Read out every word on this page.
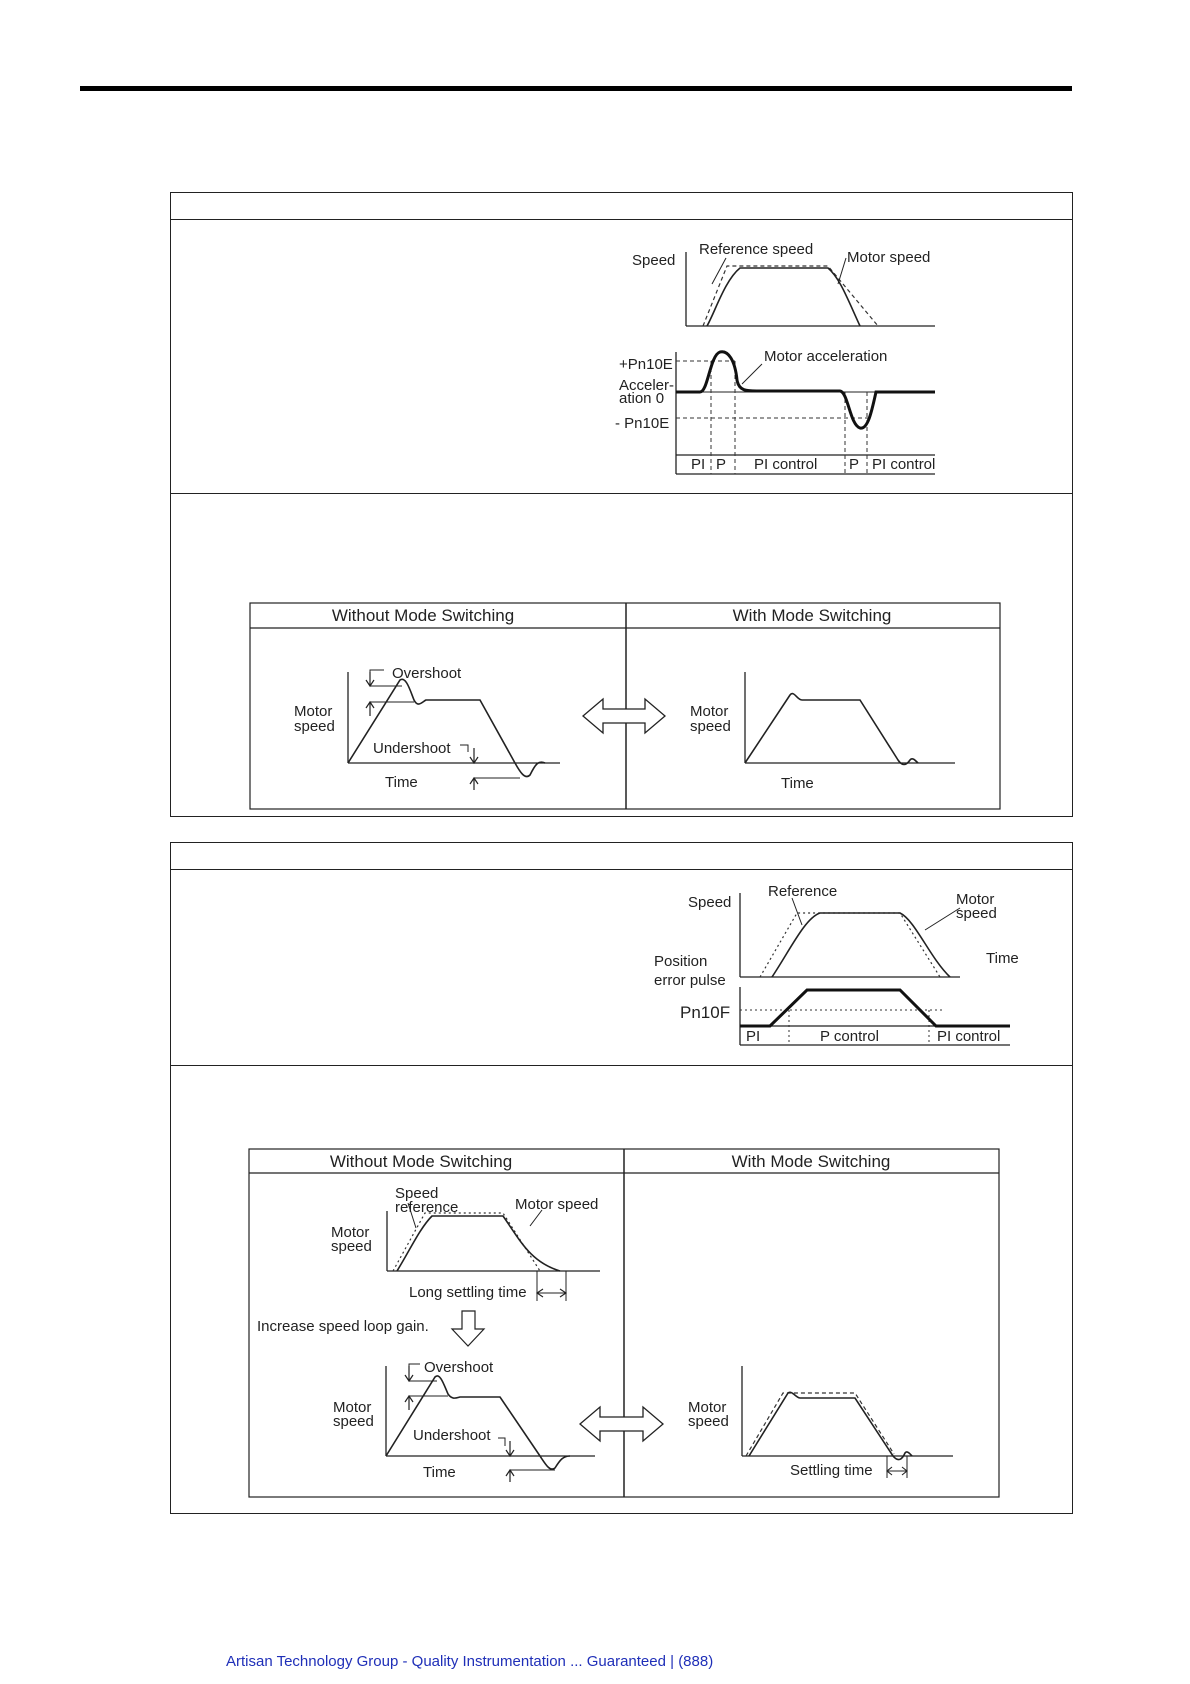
Speed
Reference speed Motor speed
+Pn10E
Acceler-
ation 0
- Pn10E
Motor acceleration
PI P PI control P PI control
Without Mode Switching	With Mode Switching
Overshoot
Motor
speed
Undershoot
Time
Motor
speed
Time
Speed
Reference	Motor
speed
Time
Position
error pulse
Pn10F
PI	P control	PI control
Without Mode Switching	With Mode Switching
Speed
reference	Motor speed
Motor
speed
Long settling time
Increase speed loop gain.
Overshoot
Motor
speed
Undershoot
Time
Motor
speed
Settling time
Artisan Technology Group - Quality Instrumentation ... Guaranteed | (888)
